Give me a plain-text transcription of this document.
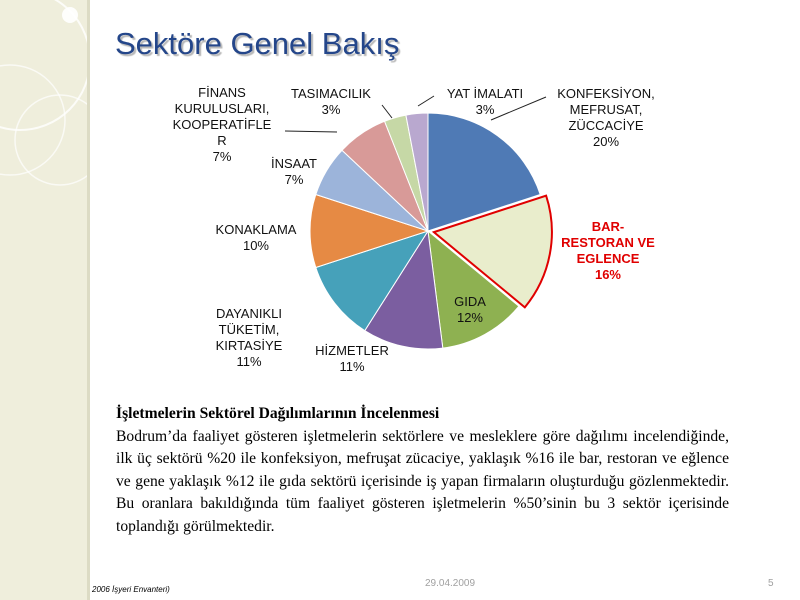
Sektöre Genel Bakış
KONFEKSİYON,
MEFRUSAT,
ZÜCCACİYE
20%
BAR-
RESTORAN VE
EGLENCE
16%
GIDA
12%
HİZMETLER
11%
DAYANIKLI
TÜKETİM,
KIRTASİYE
11%
KONAKLAMA
10%
İNSAAT
7%
FİNANS
KURULUSLARI,
KOOPERATİFLE
R
7%
TASIMACILIK
3%
YAT İMALATI
3%
İşletmelerin Sektörel Dağılımlarının İncelenmesi
Bodrum’da faaliyet gösteren işletmelerin sektörlere ve mesleklere göre dağılımı incelendiğinde, ilk üç sektörü %20 ile konfeksiyon, mefruşat zücaciye, yaklaşık %16 ile bar, restoran ve eğlence ve gene yaklaşık %12 ile gıda sektörü içerisinde iş yapan firmaların oluşturduğu gözlenmektedir. Bu oranlara bakıldığında tüm faaliyet gösteren işletmelerin %50’sinin bu 3 sektör içerisinde toplandığı görülmektedir.
2006 İşyeri Envanteri)
29.04.2009	5
